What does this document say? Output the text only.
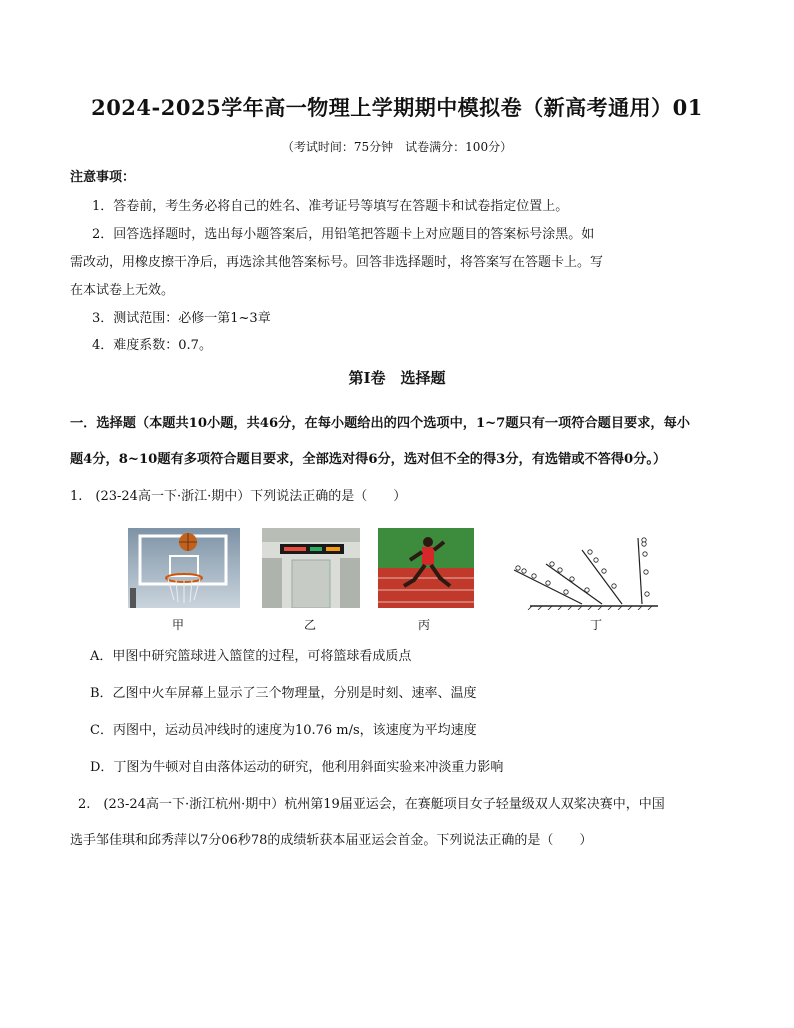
2024-2025学年高一物理上学期期中模拟卷（新高考通用）01
（考试时间：75分钟　试卷满分：100分）
注意事项：
1．答卷前，考生务必将自己的姓名、准考证号等填写在答题卡和试卷指定位置上。
2．回答选择题时，选出每小题答案后，用铅笔把答题卡上对应题目的答案标号涂黑。如
需改动，用橡皮擦干净后，再选涂其他答案标号。回答非选择题时，将答案写在答题卡上。写
在本试卷上无效。
3．测试范围：必修一第1~3章
4．难度系数：0.7。
第Ⅰ卷　选择题
一．选择题（本题共10小题，共46分，在每小题给出的四个选项中，1~7题只有一项符合题目要求，每小
题4分，8~10题有多项符合题目要求，全部选对得6分，选对但不全的得3分，有选错或不答得0分。）
1.　(23-24高一下·浙江·期中）下列说法正确的是（　　）
甲	乙	丙	丁
A．甲图中研究篮球进入篮筐的过程，可将篮球看成质点
B．乙图中火车屏幕上显示了三个物理量，分别是时刻、速率、温度
C．丙图中，运动员冲线时的速度为10.76 m/s，该速度为平均速度
D．丁图为牛顿对自由落体运动的研究，他利用斜面实验来冲淡重力影响
2.　(23-24高一下·浙江杭州·期中）杭州第19届亚运会，在赛艇项目女子轻量级双人双桨决赛中，中国
选手邹佳琪和邱秀萍以7分06秒78的成绩斩获本届亚运会首金。下列说法正确的是（　　）
